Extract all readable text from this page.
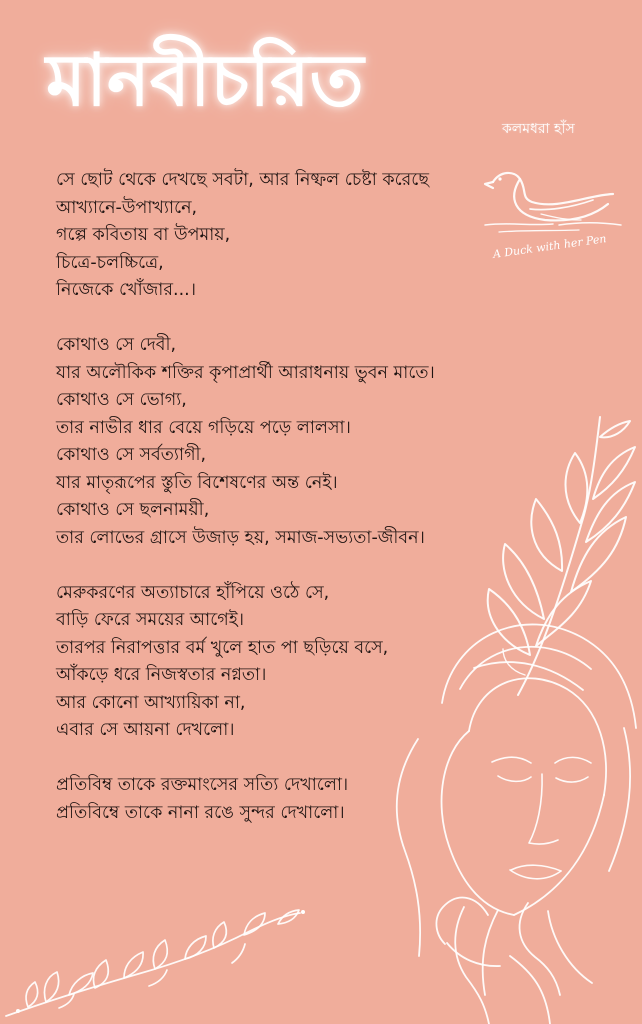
মানবীচরিত
কলমধরা হাঁস
A Duck with her Pen
সে ছোট থেকে দেখছে সবটা, আর নিষ্ফল চেষ্টা করেছে
আখ্যানে-উপাখ্যানে,
গল্পে কবিতায় বা উপমায়,
চিত্রে-চলচ্চিত্রে,
নিজেকে খোঁজার...।
কোথাও সে দেবী,
যার অলৌকিক শক্তির কৃপাপ্রার্থী আরাধনায় ভুবন মাতে।
কোথাও সে ভোগ্য,
তার নাভীর ধার বেয়ে গড়িয়ে পড়ে লালসা।
কোথাও সে সর্বত্যাগী,
যার মাতৃরূপের স্তুতি বিশেষণের অন্ত নেই।
কোথাও সে ছলনাময়ী,
তার লোভের গ্রাসে উজাড় হয়, সমাজ-সভ্যতা-জীবন।
মেরুকরণের অত্যাচারে হাঁপিয়ে ওঠে সে,
বাড়ি ফেরে সময়ের আগেই।
তারপর নিরাপত্তার বর্ম খুলে হাত পা ছড়িয়ে বসে,
আঁকড়ে ধরে নিজস্বতার নগ্নতা।
আর কোনো আখ্যায়িকা না,
এবার সে আয়না দেখলো।
প্রতিবিম্ব তাকে রক্তমাংসের সত্যি দেখালো।
প্রতিবিম্বে তাকে নানা রঙে সুন্দর দেখালো।
